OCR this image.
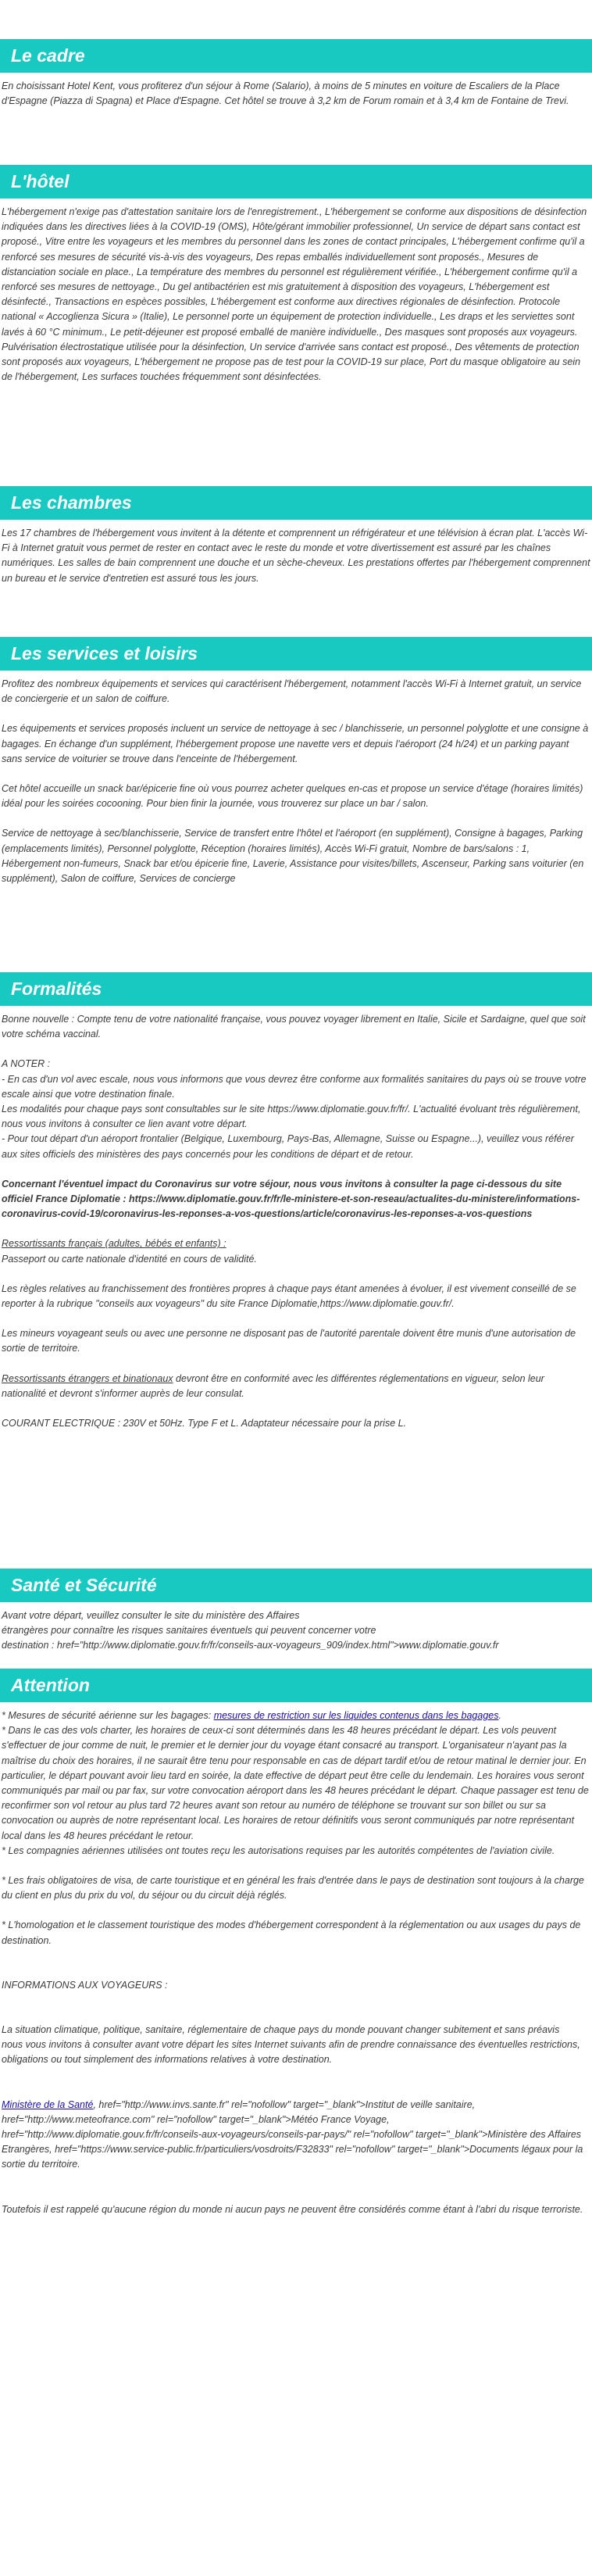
Le cadre

En choisissant Hotel Kent, vous profiterez d'un séjour à Rome (Salario), à moins de 5 minutes en voiture de Escaliers de la Place d'Espagne (Piazza di Spagna) et Place d'Espagne. Cet hôtel se trouve à 3,2 km de Forum romain et à 3,4 km de Fontaine de Trevi.

L'hôtel

L'hébergement n'exige pas d'attestation sanitaire lors de l'enregistrement., L'hébergement se conforme aux dispositions de désinfection indiquées dans les directives liées à la COVID-19 (OMS), Hôte/gérant immobilier professionnel, Un service de départ sans contact est proposé., Vitre entre les voyageurs et les membres du personnel dans les zones de contact principales, L'hébergement confirme qu'il a renforcé ses mesures de sécurité vis-à-vis des voyageurs, Des repas emballés individuellement sont proposés., Mesures de distanciation sociale en place., La température des membres du personnel est régulièrement vérifiée., L'hébergement confirme qu'il a renforcé ses mesures de nettoyage., Du gel antibactérien est mis gratuitement à disposition des voyageurs, L'hébergement est désinfecté., Transactions en espèces possibles, L'hébergement est conforme aux directives régionales de désinfection. Protocole national « Accoglienza Sicura » (Italie), Le personnel porte un équipement de protection individuelle., Les draps et les serviettes sont lavés à 60 °C minimum., Le petit-déjeuner est proposé emballé de manière individuelle., Des masques sont proposés aux voyageurs. Pulvérisation électrostatique utilisée pour la désinfection, Un service d'arrivée sans contact est proposé., Des vêtements de protection sont proposés aux voyageurs, L'hébergement ne propose pas de test pour la COVID-19 sur place, Port du masque obligatoire au sein de l'hébergement, Les surfaces touchées fréquemment sont désinfectées.

Les chambres

Les 17 chambres de l'hébergement vous invitent à la détente et comprennent un réfrigérateur et une télévision à écran plat. L'accès Wi-Fi à Internet gratuit vous permet de rester en contact avec le reste du monde et votre divertissement est assuré par les chaînes numériques. Les salles de bain comprennent une douche et un sèche-cheveux. Les prestations offertes par l'hébergement comprennent un bureau et le service d'entretien est assuré tous les jours.

Les services et loisirs

Profitez des nombreux équipements et services qui caractérisent l'hébergement, notamment l'accès Wi-Fi à Internet gratuit, un service de conciergerie et un salon de coiffure.

Les équipements et services proposés incluent un service de nettoyage à sec / blanchisserie, un personnel polyglotte et une consigne à bagages. En échange d'un supplément, l'hébergement propose une navette vers et depuis l'aéroport (24 h/24) et un parking payant sans service de voiturier se trouve dans l'enceinte de l'hébergement.

Cet hôtel accueille un snack bar/épicerie fine où vous pourrez acheter quelques en-cas et propose un service d'étage (horaires limités) idéal pour les soirées cocooning. Pour bien finir la journée, vous trouverez sur place un bar / salon.

Service de nettoyage à sec/blanchisserie, Service de transfert entre l'hôtel et l'aéroport (en supplément), Consigne à bagages, Parking (emplacements limités), Personnel polyglotte, Réception (horaires limités), Accès Wi-Fi gratuit, Nombre de bars/salons : 1, Hébergement non-fumeurs, Snack bar et/ou épicerie fine, Laverie, Assistance pour visites/billets, Ascenseur, Parking sans voiturier (en supplément), Salon de coiffure, Services de concierge

Formalités

Bonne nouvelle : Compte tenu de votre nationalité française, vous pouvez voyager librement en Italie, Sicile et Sardaigne, quel que soit votre schéma vaccinal.

A NOTER :

- En cas d'un vol avec escale, nous vous informons que vous devrez être conforme aux formalités sanitaires du pays où se trouve votre escale ainsi que votre destination finale.

Les modalités pour chaque pays sont consultables sur le site https://www.diplomatie.gouv.fr/fr/. L'actualité évoluant très régulièrement, nous vous invitons à consulter ce lien avant votre départ.

- Pour tout départ d'un aéroport frontalier (Belgique, Luxembourg, Pays-Bas, Allemagne, Suisse ou Espagne...), veuillez vous référer aux sites officiels des ministères des pays concernés pour les conditions de départ et de retour.

Concernant l'éventuel impact du Coronavirus sur votre séjour, nous vous invitons à consulter la page ci-dessous du site officiel France Diplomatie : https://www.diplomatie.gouv.fr/fr/le-ministere-et-son-reseau/actualites-du-ministere/informations-coronavirus-covid-19/coronavirus-les-reponses-a-vos-questions/article/coronavirus-les-reponses-a-vos-questions

Ressortissants français (adultes, bébés et enfants) :

Passeport ou carte nationale d'identité en cours de validité.

Les règles relatives au franchissement des frontières propres à chaque pays étant amenées à évoluer, il est vivement conseillé de se reporter à la rubrique "conseils aux voyageurs" du site France Diplomatie,https://www.diplomatie.gouv.fr/.

Les mineurs voyageant seuls ou avec une personne ne disposant pas de l'autorité parentale doivent être munis d'une autorisation de sortie de territoire.

Ressortissants étrangers et binationaux devront être en conformité avec les différentes réglementations en vigueur, selon leur nationalité et devront s'informer auprès de leur consulat.

COURANT ELECTRIQUE : 230V et 50Hz. Type F et L. Adaptateur nécessaire pour la prise L.

Santé et Sécurité

Avant votre départ, veuillez consulter le site du ministère des Affaires

étrangères pour connaître les risques sanitaires éventuels qui peuvent concerner votre

destination : href="http://www.diplomatie.gouv.fr/fr/conseils-aux-voyageurs_909/index.html">www.diplomatie.gouv.fr

Attention

* Mesures de sécurité aérienne sur les bagages: mesures de restriction sur les liquides contenus dans les bagages.

* Dans le cas des vols charter, les horaires de ceux-ci sont déterminés dans les 48 heures précédant le départ. Les vols peuvent s'effectuer de jour comme de nuit, le premier et le dernier jour du voyage étant consacré au transport. L'organisateur n'ayant pas la maîtrise du choix des horaires, il ne saurait être tenu pour responsable en cas de départ tardif et/ou de retour matinal le dernier jour. En particulier, le départ pouvant avoir lieu tard en soirée, la date effective de départ peut être celle du lendemain. Les horaires vous seront communiqués par mail ou par fax, sur votre convocation aéroport dans les 48 heures précédant le départ. Chaque passager est tenu de reconfirmer son vol retour au plus tard 72 heures avant son retour au numéro de téléphone se trouvant sur son billet ou sur sa convocation ou auprès de notre représentant local. Les horaires de retour définitifs vous seront communiqués par notre représentant local dans les 48 heures précédant le retour.

* Les compagnies aériennes utilisées ont toutes reçu les autorisations requises par les autorités compétentes de l'aviation civile.

* Les frais obligatoires de visa, de carte touristique et en général les frais d'entrée dans le pays de destination sont toujours à la charge du client en plus du prix du vol, du séjour ou du circuit déjà réglés.

* L'homologation et le classement touristique des modes d'hébergement correspondent à la réglementation ou aux usages du pays de destination.

INFORMATIONS AUX VOYAGEURS :

La situation climatique, politique, sanitaire, réglementaire de chaque pays du monde pouvant changer subitement et sans préavis

nous vous invitons à consulter avant votre départ les sites Internet suivants afin de prendre connaissance des éventuelles restrictions, obligations ou tout simplement des informations relatives à votre destination.

Ministère de la Santé, href="http://www.invs.sante.fr" rel="nofollow" target="_blank">Institut de veille sanitaire, href="http://www.meteofrance.com" rel="nofollow" target="_blank">Météo France Voyage, href="http://www.diplomatie.gouv.fr/fr/conseils-aux-voyageurs/conseils-par-pays/" rel="nofollow" target="_blank">Ministère des Affaires Etrangères, href="https://www.service-public.fr/particuliers/vosdroits/F32833" rel="nofollow" target="_blank">Documents légaux pour la sortie du territoire.

Toutefois il est rappelé qu'aucune région du monde ni aucun pays ne peuvent être considérés comme étant à l'abri du risque terroriste.
